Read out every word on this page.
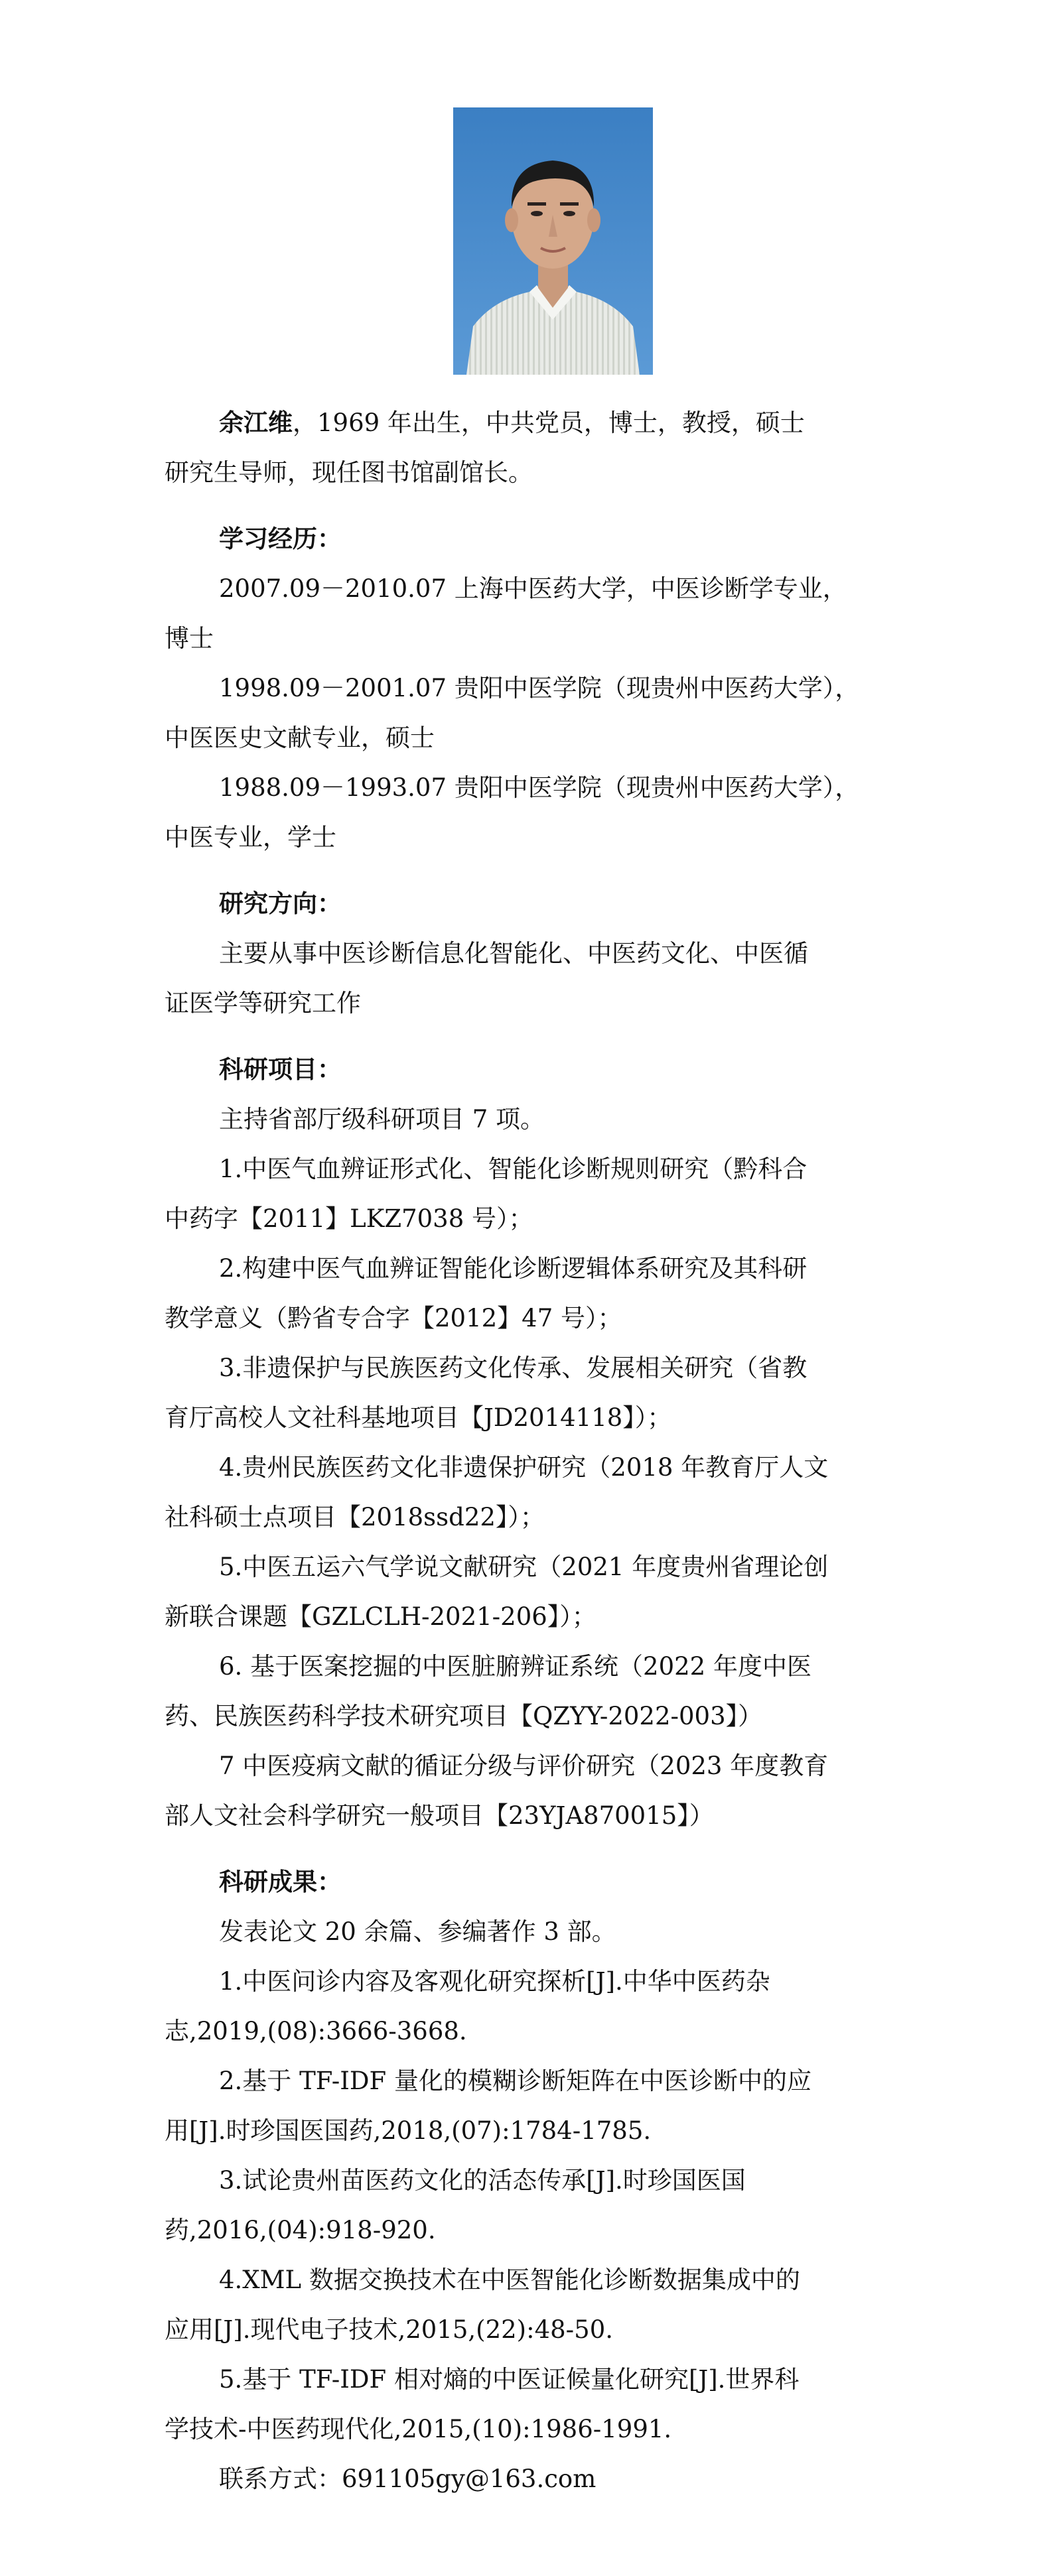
余江维，1969 年出生，中共党员，博士，教授，硕士
研究生导师，现任图书馆副馆长。
学习经历：
2007.09－2010.07 上海中医药大学，中医诊断学专业，
博士
1998.09－2001.07 贵阳中医学院（现贵州中医药大学），
中医医史文献专业，硕士
1988.09－1993.07 贵阳中医学院（现贵州中医药大学），
中医专业，学士
研究方向：
主要从事中医诊断信息化智能化、中医药文化、中医循
证医学等研究工作
科研项目：
主持省部厅级科研项目 7 项。
1.中医气血辨证形式化、智能化诊断规则研究（黔科合
中药字【2011】LKZ7038 号）；
2.构建中医气血辨证智能化诊断逻辑体系研究及其科研
教学意义（黔省专合字【2012】47 号）；
3.非遗保护与民族医药文化传承、发展相关研究（省教
育厅高校人文社科基地项目【JD2014118】）；
4.贵州民族医药文化非遗保护研究（2018 年教育厅人文
社科硕士点项目【2018ssd22】）；
5.中医五运六气学说文献研究（2021 年度贵州省理论创
新联合课题【GZLCLH-2021-206】）；
6. 基于医案挖掘的中医脏腑辨证系统（2022 年度中医
药、民族医药科学技术研究项目【QZYY-2022-003】）
7 中医疫病文献的循证分级与评价研究（2023 年度教育
部人文社会科学研究一般项目【23YJA870015】）
科研成果：
发表论文 20 余篇、参编著作 3 部。
1.中医问诊内容及客观化研究探析[J].中华中医药杂
志,2019,(08):3666-3668.
2.基于 TF-IDF 量化的模糊诊断矩阵在中医诊断中的应
用[J].时珍国医国药,2018,(07):1784-1785.
3.试论贵州苗医药文化的活态传承[J].时珍国医国
药,2016,(04):918-920.
4.XML 数据交换技术在中医智能化诊断数据集成中的
应用[J].现代电子技术,2015,(22):48-50.
5.基于 TF-IDF 相对熵的中医证候量化研究[J].世界科
学技术-中医药现代化,2015,(10):1986-1991.
联系方式：691105gy@163.com
